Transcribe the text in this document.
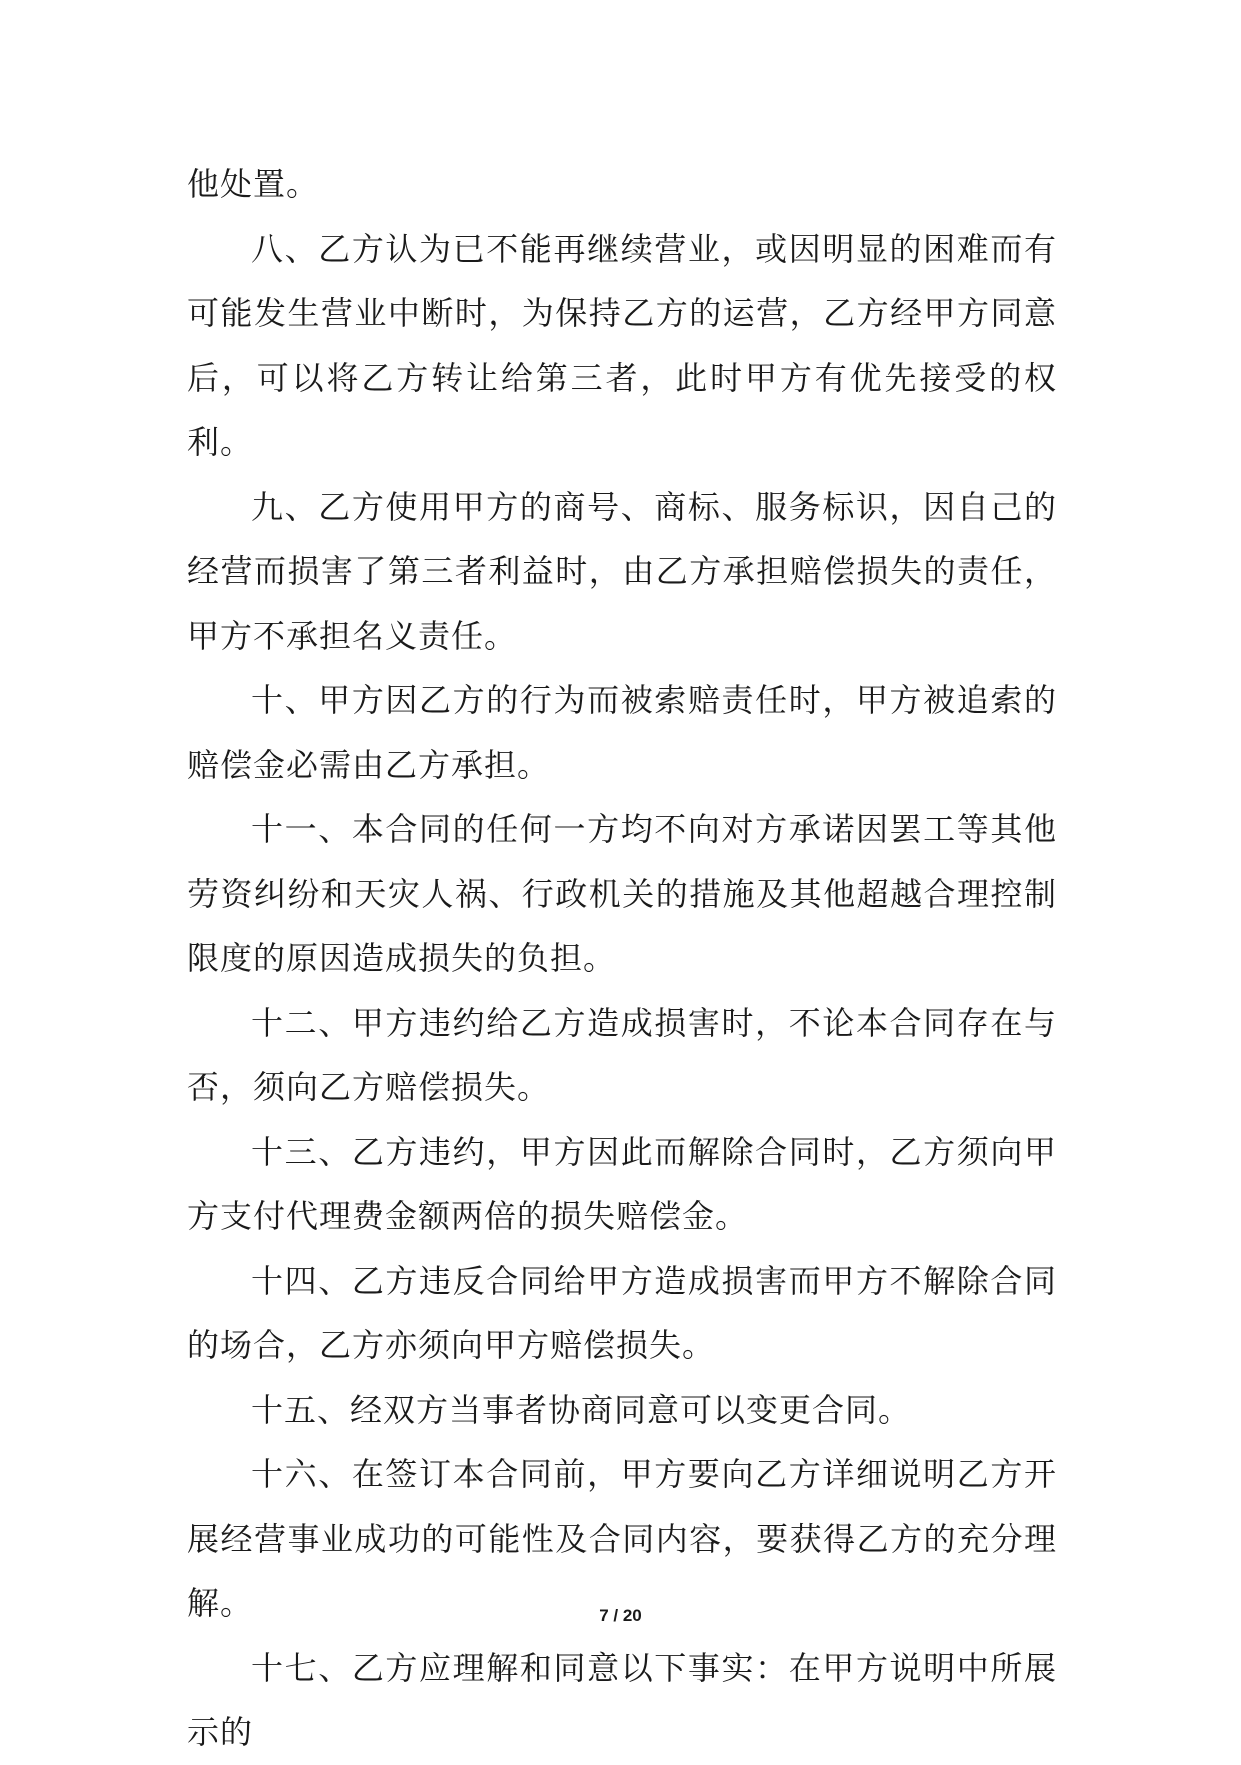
他处置。

八、乙方认为已不能再继续营业，或因明显的困难而有可能发生营业中断时，为保持乙方的运营，乙方经甲方同意后，可以将乙方转让给第三者，此时甲方有优先接受的权利。

九、乙方使用甲方的商号、商标、服务标识，因自己的经营而损害了第三者利益时，由乙方承担赔偿损失的责任，甲方不承担名义责任。

十、甲方因乙方的行为而被索赔责任时，甲方被追索的赔偿金必需由乙方承担。

十一、本合同的任何一方均不向对方承诺因罢工等其他劳资纠纷和天灾人祸、行政机关的措施及其他超越合理控制限度的原因造成损失的负担。

十二、甲方违约给乙方造成损害时，不论本合同存在与否，须向乙方赔偿损失。

十三、乙方违约，甲方因此而解除合同时，乙方须向甲方支付代理费金额两倍的损失赔偿金。

十四、乙方违反合同给甲方造成损害而甲方不解除合同的场合，乙方亦须向甲方赔偿损失。

十五、经双方当事者协商同意可以变更合同。

十六、在签订本合同前，甲方要向乙方详细说明乙方开展经营事业成功的可能性及合同内容，要获得乙方的充分理解。

十七、乙方应理解和同意以下事实：在甲方说明中所展示的

7 / 20
